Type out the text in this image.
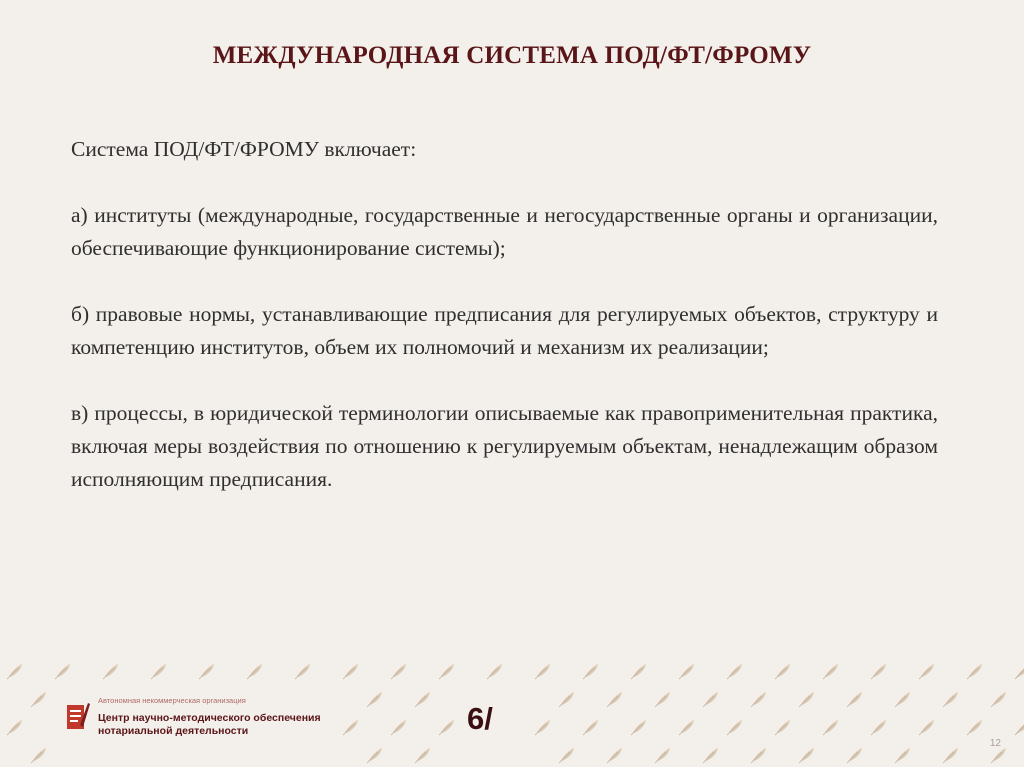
МЕЖДУНАРОДНАЯ СИСТЕМА ПОД/ФТ/ФРОМУ

Система ПОД/ФТ/ФРОМУ включает:

а) институты (международные, государственные и негосударственные органы и организации, обеспечивающие функционирование системы);

б) правовые нормы, устанавливающие предписания для регулируемых объектов, структуру и компетенцию институтов, объем их полномочий и механизм их реализации;

в) процессы, в юридической терминологии описываемые как правоприменительная практика, включая меры воздействия по отношению к регулируемым объектам, ненадлежащим образом исполняющим предписания.

Автономная некоммерческая организация
Центр научно-методического обеспечения
нотариальной деятельности	6/
12
